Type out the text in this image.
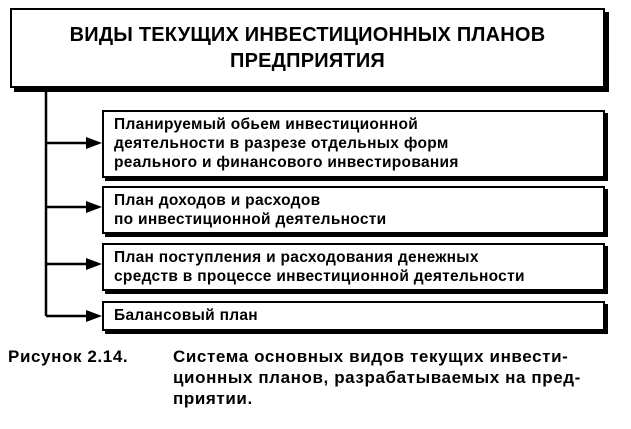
ВИДЫ ТЕКУЩИХ ИНВЕСТИЦИОННЫХ ПЛАНОВ
ПРЕДПРИЯТИЯ
Планируемый обьем инвестиционной
деятельности в разрезе отдельных форм
реального и финансового инвестирования
План доходов и расходов
по инвестиционной деятельности
План поступления и расходования денежных
средств в процессе инвестиционной деятельности
Балансовый план
Рисунок 2.14.	Система основных видов текущих инвести-
ционных планов, разрабатываемых на пред-
приятии.
